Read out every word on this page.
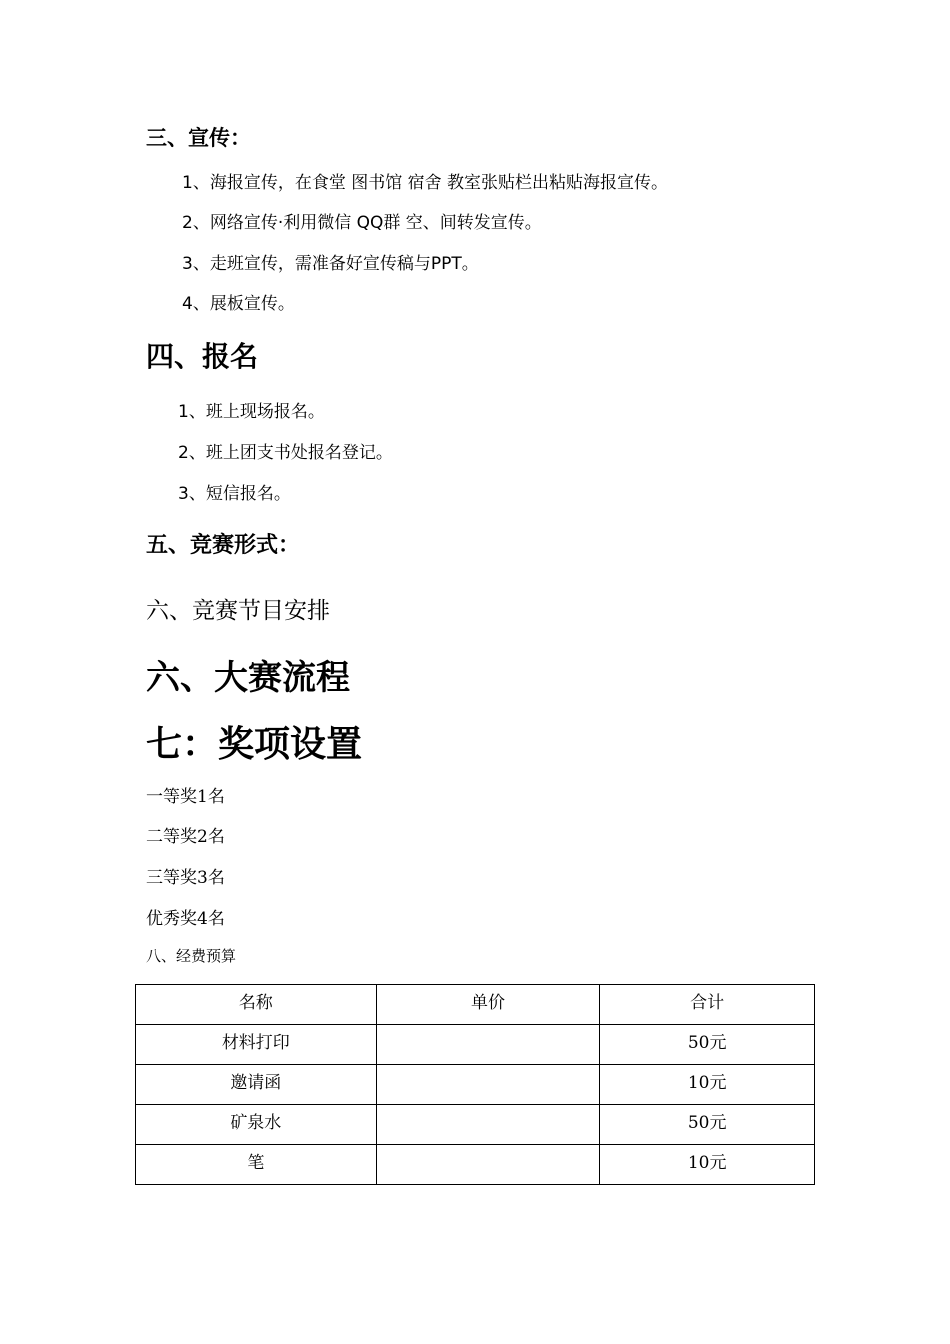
三、宣传：
1、海报宣传，在食堂 图书馆 宿舍 教室张贴栏出粘贴海报宣传。
2、网络宣传·利用微信 QQ群 空、间转发宣传。
3、走班宣传，需准备好宣传稿与PPT。
4、展板宣传。
四、报名
1、班上现场报名。
2、班上团支书处报名登记。
3、短信报名。
五、竞赛形式：
六、竞赛节目安排
六、大赛流程
七：奖项设置
一等奖1名
二等奖2名
三等奖3名
优秀奖4名
八、经费预算
名称	单价	合计
材料打印		50元
邀请函		10元
矿泉水		50元
笔		10元
